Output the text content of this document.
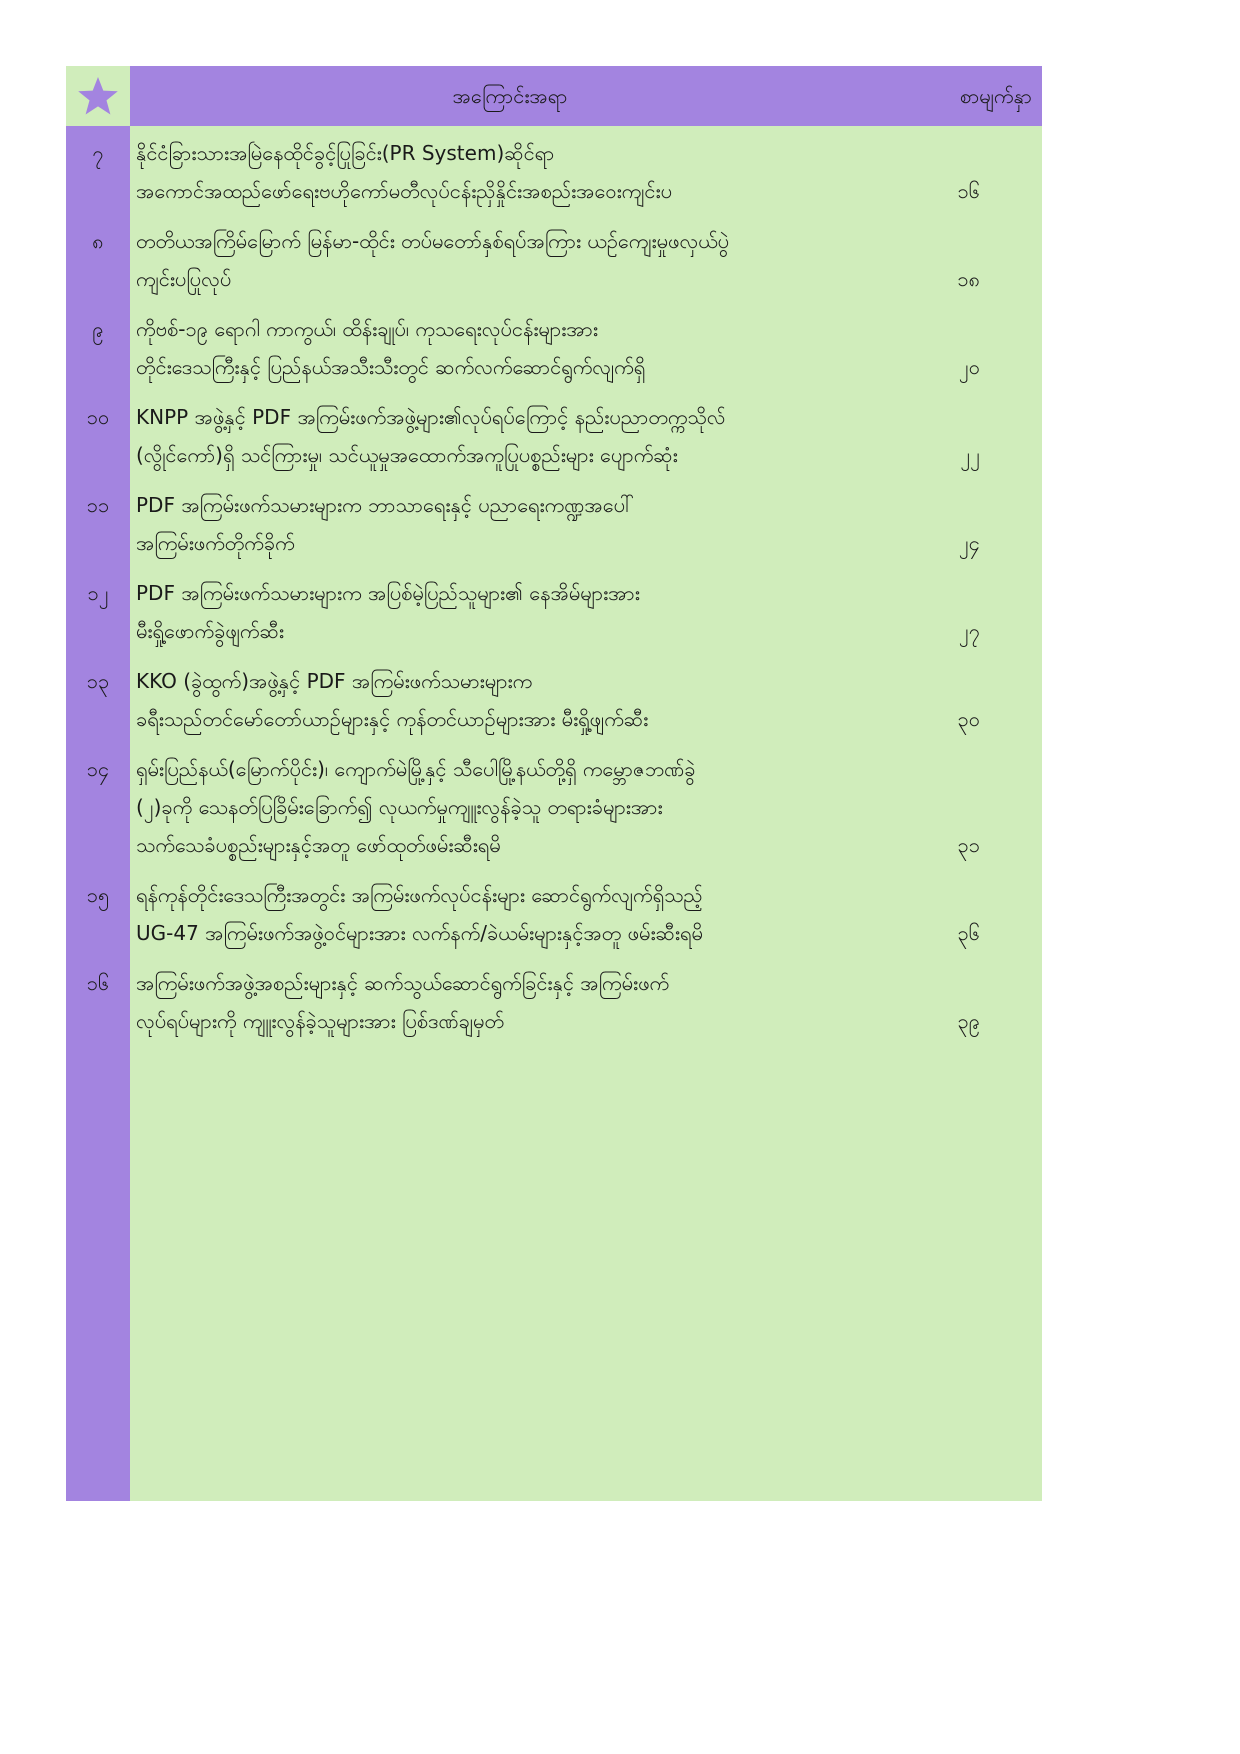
အကြောင်းအရာ	စာမျက်နှာ
၇	နိုင်ငံခြားသားအမြဲနေထိုင်ခွင့်ပြုခြင်း(PR System)ဆိုင်ရာ
အကောင်အထည်ဖော်ရေးဗဟိုကော်မတီလုပ်ငန်းညှိနှိုင်းအစည်းအဝေးကျင်းပ	၁၆
၈	တတိယအကြိမ်မြောက် မြန်မာ-ထိုင်း တပ်မတော်နှစ်ရပ်အကြား ယဉ်ကျေးမှုဖလှယ်ပွဲ
ကျင်းပပြုလုပ်	၁၈
၉	ကိုဗစ်-၁၉ ရောဂါ ကာကွယ်၊ ထိန်းချုပ်၊ ကုသရေးလုပ်ငန်းများအား
တိုင်းဒေသကြီးနှင့် ပြည်နယ်အသီးသီးတွင် ဆက်လက်ဆောင်ရွက်လျက်ရှိ	၂၀
၁၀	KNPP အဖွဲ့နှင့် PDF အကြမ်းဖက်အဖွဲ့များ၏လုပ်ရပ်ကြောင့် နည်းပညာတက္ကသိုလ်
(လွိုင်ကော်)ရှိ သင်ကြားမှု၊ သင်ယူမှုအထောက်အကူပြုပစ္စည်းများ ပျောက်ဆုံး	၂၂
၁၁	PDF အကြမ်းဖက်သမားများက ဘာသာရေးနှင့် ပညာရေးကဏ္ဍအပေါ်
အကြမ်းဖက်တိုက်ခိုက်	၂၄
၁၂	PDF အကြမ်းဖက်သမားများက အပြစ်မဲ့ပြည်သူများ၏ နေအိမ်များအား
မီးရှို့ဖောက်ခွဲဖျက်ဆီး	၂၇
၁၃	KKO (ခွဲထွက်)အဖွဲ့နှင့် PDF အကြမ်းဖက်သမားများက
ခရီးသည်တင်မော်တော်ယာဉ်များနှင့် ကုန်တင်ယာဉ်များအား မီးရှို့ဖျက်ဆီး	၃၀
၁၄	ရှမ်းပြည်နယ်(မြောက်ပိုင်း)၊ ကျောက်မဲမြို့နှင့် သီပေါမြို့နယ်တို့ရှိ ကမ္ဘောဇဘဏ်ခွဲ
(၂)ခုကို သေနတ်ပြခြိမ်းခြောက်၍ လုယက်မှုကျူးလွန်ခဲ့သူ တရားခံများအား
သက်သေခံပစ္စည်းများနှင့်အတူ ဖော်ထုတ်ဖမ်းဆီးရမိ	၃၁
၁၅	ရန်ကုန်တိုင်းဒေသကြီးအတွင်း အကြမ်းဖက်လုပ်ငန်းများ ဆောင်ရွက်လျက်ရှိသည့်
UG-47 အကြမ်းဖက်အဖွဲ့ဝင်များအား လက်နက်/ခဲယမ်းများနှင့်အတူ ဖမ်းဆီးရမိ	၃၆
၁၆	အကြမ်းဖက်အဖွဲ့အစည်းများနှင့် ဆက်သွယ်ဆောင်ရွက်ခြင်းနှင့် အကြမ်းဖက်
လုပ်ရပ်များကို ကျူးလွန်ခဲ့သူများအား ပြစ်ဒဏ်ချမှတ်	၃၉
